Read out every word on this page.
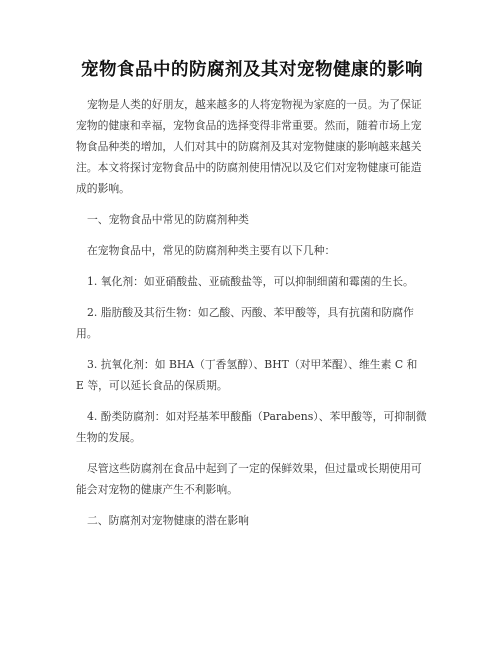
宠物食品中的防腐剂及其对宠物健康的影响

宠物是人类的好朋友，越来越多的人将宠物视为家庭的一员。为了保证宠物的健康和幸福，宠物食品的选择变得非常重要。然而，随着市场上宠物食品种类的增加，人们对其中的防腐剂及其对宠物健康的影响越来越关注。本文将探讨宠物食品中的防腐剂使用情况以及它们对宠物健康可能造成的影响。

一、宠物食品中常见的防腐剂种类

在宠物食品中，常见的防腐剂种类主要有以下几种：

1. 氧化剂：如亚硝酸盐、亚硫酸盐等，可以抑制细菌和霉菌的生长。

2. 脂肪酸及其衍生物：如乙酸、丙酸、苯甲酸等，具有抗菌和防腐作用。

3. 抗氧化剂：如 BHA（丁香氢醇）、BHT（对甲苯醌）、维生素 C 和 E 等，可以延长食品的保质期。

4. 酚类防腐剂：如对羟基苯甲酸酯（Parabens）、苯甲酸等，可抑制微生物的发展。

尽管这些防腐剂在食品中起到了一定的保鲜效果，但过量或长期使用可能会对宠物的健康产生不利影响。

二、防腐剂对宠物健康的潜在影响
